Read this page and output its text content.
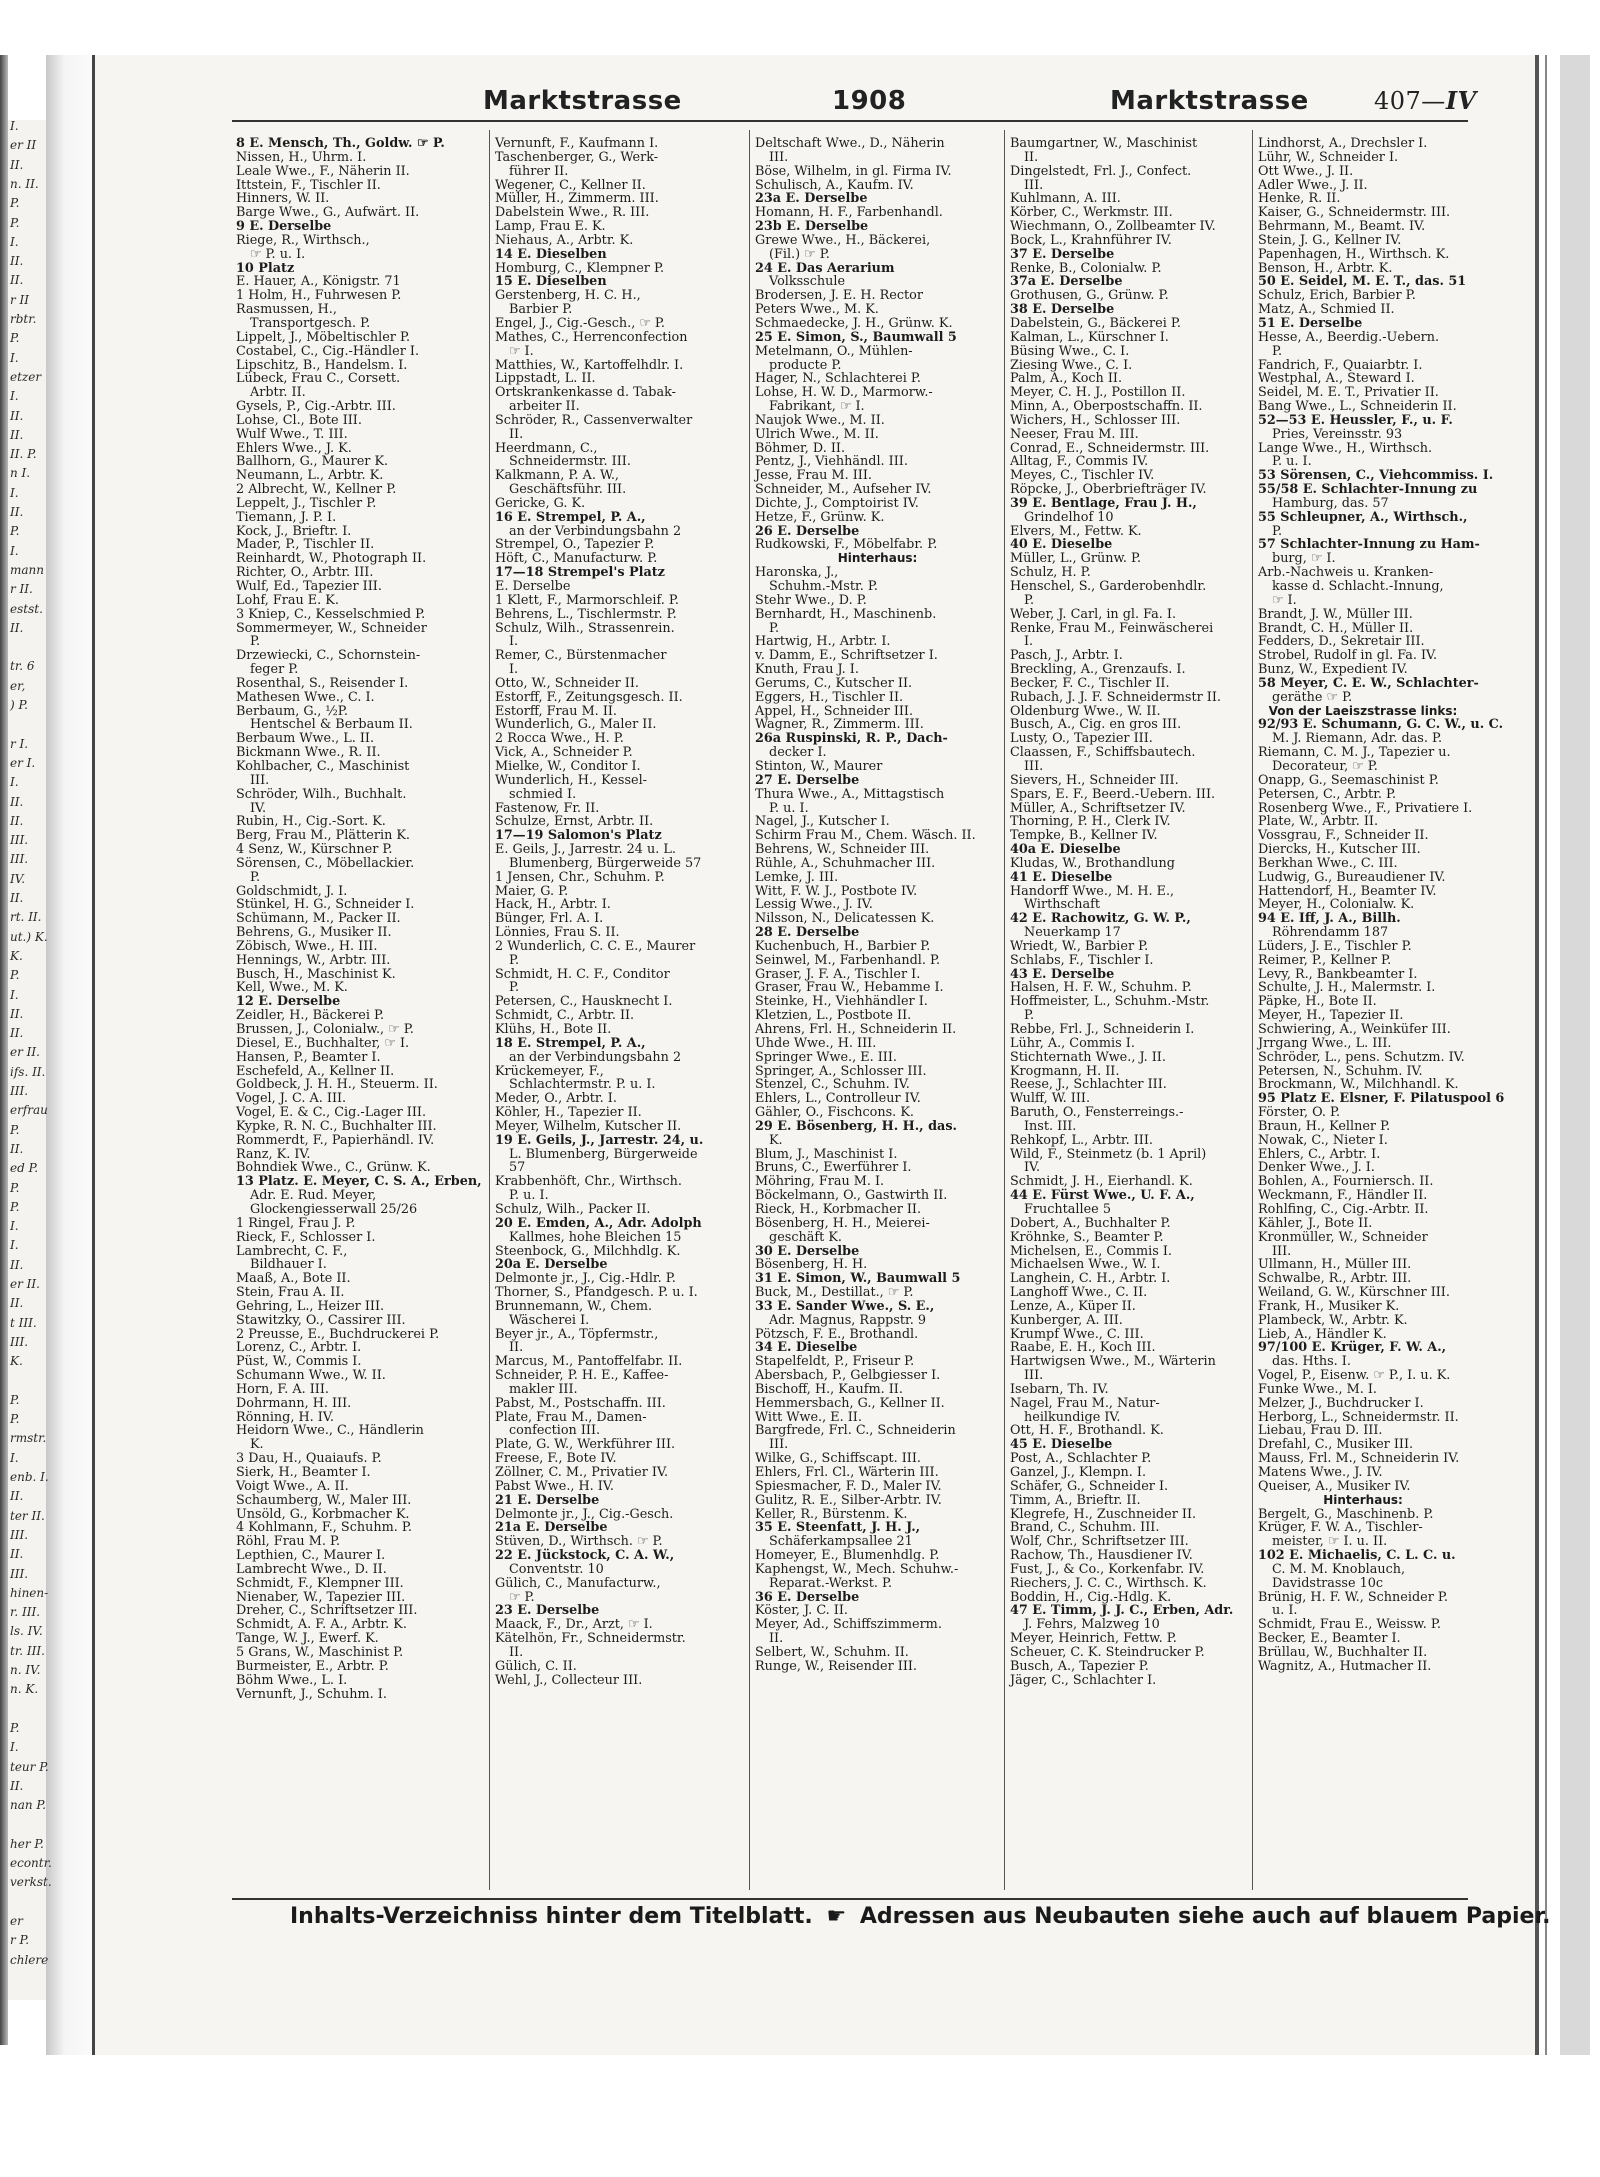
I.
er II
II.
n. II.
P.
P.
I.
II.
II.
r II
rbtr.
P.
I.
etzer
I.
II.
II.
II. P.
n I.
I.
II.
P.
I.
mann
r II.
estst.
II.
tr. 6
er,
) P.
r I.
er I.
I.
II.
II.
III.
III.
IV.
II.
rt. II.
ut.) K.
K.
P.
I.
II.
II.
er II.
ifs. II.
III.
erfrau
P.
II.
ed P.
P.
P.
I.
I.
II.
er II.
II.
t III.
III.
K.
P.
P.
rmstr.
I.
enb. I.
II.
ter II.
III.
II.
III.
hinen-
r. III.
ls. IV.
tr. III.
n. IV.
n. K.
P.
I.
teur P.
II.
nan P.
her P.
econtr.
verkst.
er
r P.
chlere
Marktstrasse	1908	Marktstrasse	407—IV
8 E. Mensch, Th., Goldw. ☞ P.
Nissen, H., Uhrm. I.
Leale Wwe., F., Näherin II.
Ittstein, F., Tischler II.
Hinners, W. II.
Barge Wwe., G., Aufwärt. II.
9 E. Derselbe
Riege, R., Wirthsch.,
☞ P. u. I.
10 Platz
E. Hauer, A., Königstr. 71
1 Holm, H., Fuhrwesen P.
Rasmussen, H.,
Transportgesch. P.
Lippelt, J., Möbeltischler P.
Costabel, C., Cig.-Händler I.
Lipschitz, B., Handelsm. I.
Lübeck, Frau C., Corsett.
Arbtr. II.
Gysels, P., Cig.-Arbtr. III.
Lohse, Cl., Bote III.
Wulf Wwe., T. III.
Ehlers Wwe., J. K.
Ballhorn, G., Maurer K.
Neumann, L., Arbtr. K.
2 Albrecht, W., Kellner P.
Leppelt, J., Tischler P.
Tiemann, J. P. I.
Kock, J., Brieftr. I.
Mader, P., Tischler II.
Reinhardt, W., Photograph II.
Richter, O., Arbtr. III.
Wulf, Ed., Tapezier III.
Lohf, Frau E. K.
3 Kniep, C., Kesselschmied P.
Sommermeyer, W., Schneider
P.
Drzewiecki, C., Schornstein-
feger P.
Rosenthal, S., Reisender I.
Mathesen Wwe., C. I.
Berbaum, G., ½P.
Hentschel & Berbaum II.
Berbaum Wwe., L. II.
Bickmann Wwe., R. II.
Kohlbacher, C., Maschinist
III.
Schröder, Wilh., Buchhalt.
IV.
Rubin, H., Cig.-Sort. K.
Berg, Frau M., Plätterin K.
4 Senz, W., Kürschner P.
Sörensen, C., Möbellackier.
P.
Goldschmidt, J. I.
Stünkel, H. G., Schneider I.
Schümann, M., Packer II.
Behrens, G., Musiker II.
Zöbisch, Wwe., H. III.
Hennings, W., Arbtr. III.
Busch, H., Maschinist K.
Kell, Wwe., M. K.
12 E. Derselbe
Zeidler, H., Bäckerei P.
Brussen, J., Colonialw., ☞ P.
Diesel, E., Buchhalter, ☞ I.
Hansen, P., Beamter I.
Eschefeld, A., Kellner II.
Goldbeck, J. H. H., Steuerm. II.
Vogel, J. C. A. III.
Vogel, E. & C., Cig.-Lager III.
Kypke, R. N. C., Buchhalter III.
Rommerdt, F., Papierhändl. IV.
Ranz, K. IV.
Bohndiek Wwe., C., Grünw. K.
13 Platz. E. Meyer, C. S. A., Erben,
Adr. E. Rud. Meyer,
Glockengiesserwall 25/26
1 Ringel, Frau J. P.
Rieck, F., Schlosser I.
Lambrecht, C. F.,
Bildhauer I.
Maaß, A., Bote II.
Stein, Frau A. II.
Gehring, L., Heizer III.
Stawitzky, O., Cassirer III.
2 Preusse, E., Buchdruckerei P.
Lorenz, C., Arbtr. I.
Püst, W., Commis I.
Schumann Wwe., W. II.
Horn, F. A. III.
Dohrmann, H. III.
Rönning, H. IV.
Heidorn Wwe., C., Händlerin
K.
3 Dau, H., Quaiaufs. P.
Sierk, H., Beamter I.
Voigt Wwe., A. II.
Schaumberg, W., Maler III.
Unsöld, G., Korbmacher K.
4 Kohlmann, F., Schuhm. P.
Röhl, Frau M. P.
Lepthien, C., Maurer I.
Lambrecht Wwe., D. II.
Schmidt, F., Klempner III.
Nienaber, W., Tapezier III.
Dreher, C., Schriftsetzer III.
Schmidt, A. F. A., Arbtr. K.
Tange, W. J., Ewerf. K.
5 Grans, W., Maschinist P.
Burmeister, E., Arbtr. P.
Böhm Wwe., L. I.
Vernunft, J., Schuhm. I.
Vernunft, F., Kaufmann I.
Taschenberger, G., Werk-
führer II.
Wegener, C., Kellner II.
Müller, H., Zimmerm. III.
Dabelstein Wwe., R. III.
Lamp, Frau E. K.
Niehaus, A., Arbtr. K.
14 E. Dieselben
Homburg, C., Klempner P.
15 E. Dieselben
Gerstenberg, H. C. H.,
Barbier P.
Engel, J., Cig.-Gesch., ☞ P.
Mathes, C., Herrenconfection
☞ I.
Matthies, W., Kartoffelhdlr. I.
Lippstadt, L. II.
Ortskrankenkasse d. Tabak-
arbeiter II.
Schröder, R., Cassenverwalter
II.
Heerdmann, C.,
Schneidermstr. III.
Kalkmann, P. A. W.,
Geschäftsführ. III.
Gericke, G. K.
16 E. Strempel, P. A.,
an der Verbindungsbahn 2
Strempel, O., Tapezier P.
Höft, C., Manufacturw. P.
17—18 Strempel's Platz
E. Derselbe
1 Klett, F., Marmorschleif. P.
Behrens, L., Tischlermstr. P.
Schulz, Wilh., Strassenrein.
I.
Remer, C., Bürstenmacher
I.
Otto, W., Schneider II.
Estorff, F., Zeitungsgesch. II.
Estorff, Frau M. II.
Wunderlich, G., Maler II.
2 Rocca Wwe., H. P.
Vick, A., Schneider P.
Mielke, W., Conditor I.
Wunderlich, H., Kessel-
schmied I.
Fastenow, Fr. II.
Schulze, Ernst, Arbtr. II.
17—19 Salomon's Platz
E. Geils, J., Jarrestr. 24 u. L.
Blumenberg, Bürgerweide 57
1 Jensen, Chr., Schuhm. P.
Maier, G. P.
Hack, H., Arbtr. I.
Bünger, Frl. A. I.
Lönnies, Frau S. II.
2 Wunderlich, C. C. E., Maurer
P.
Schmidt, H. C. F., Conditor
P.
Petersen, C., Hausknecht I.
Schmidt, C., Arbtr. II.
Klühs, H., Bote II.
18 E. Strempel, P. A.,
an der Verbindungsbahn 2
Krückemeyer, F.,
Schlachtermstr. P. u. I.
Meder, O., Arbtr. I.
Köhler, H., Tapezier II.
Meyer, Wilhelm, Kutscher II.
19 E. Geils, J., Jarrestr. 24, u.
L. Blumenberg, Bürgerweide
57
Krabbenhöft, Chr., Wirthsch.
P. u. I.
Schulz, Wilh., Packer II.
20 E. Emden, A., Adr. Adolph
Kallmes, hohe Bleichen 15
Steenbock, G., Milchhdlg. K.
20a E. Derselbe
Delmonte jr., J., Cig.-Hdlr. P.
Thorner, S., Pfandgesch. P. u. I.
Brunnemann, W., Chem.
Wäscherei I.
Beyer jr., A., Töpfermstr.,
II.
Marcus, M., Pantoffelfabr. II.
Schneider, P. H. E., Kaffee-
makler III.
Pabst, M., Postschaffn. III.
Plate, Frau M., Damen-
confection III.
Plate, G. W., Werkführer III.
Freese, F., Bote IV.
Zöllner, C. M., Privatier IV.
Pabst Wwe., H. IV.
21 E. Derselbe
Delmonte jr., J., Cig.-Gesch.
21a E. Derselbe
Stüven, D., Wirthsch. ☞ P.
22 E. Jückstock, C. A. W.,
Conventstr. 10
Gülich, C., Manufacturw.,
☞ P.
23 E. Derselbe
Maack, F., Dr., Arzt, ☞ I.
Kätelhön, Fr., Schneidermstr.
II.
Gülich, C. II.
Wehl, J., Collecteur III.
Deltschaft Wwe., D., Näherin
III.
Böse, Wilhelm, in gl. Firma IV.
Schulisch, A., Kaufm. IV.
23a E. Derselbe
Homann, H. F., Farbenhandl.
23b E. Derselbe
Grewe Wwe., H., Bäckerei,
(Fil.) ☞ P.
24 E. Das Aerarium
Volksschule
Brodersen, J. E. H. Rector
Peters Wwe., M. K.
Schmaedecke, J. H., Grünw. K.
25 E. Simon, S., Baumwall 5
Metelmann, O., Mühlen-
producte P.
Hager, N., Schlachterei P.
Lohse, H. W. D., Marmorw.-
Fabrikant, ☞ I.
Naujok Wwe., M. II.
Ulrich Wwe., M. II.
Böhmer, D. II.
Pentz, J., Viehhändl. III.
Jesse, Frau M. III.
Schneider, M., Aufseher IV.
Dichte, J., Comptoirist IV.
Hetze, F., Grünw. K.
26 E. Derselbe
Rudkowski, F., Möbelfabr. P.
Hinterhaus:
Haronska, J.,
Schuhm.-Mstr. P.
Stehr Wwe., D. P.
Bernhardt, H., Maschinenb.
P.
Hartwig, H., Arbtr. I.
v. Damm, E., Schriftsetzer I.
Knuth, Frau J. I.
Gerums, C., Kutscher II.
Eggers, H., Tischler II.
Appel, H., Schneider III.
Wagner, R., Zimmerm. III.
26a Ruspinski, R. P., Dach-
decker I.
Stinton, W., Maurer
27 E. Derselbe
Thura Wwe., A., Mittagstisch
P. u. I.
Nagel, J., Kutscher I.
Schirm Frau M., Chem. Wäsch. II.
Behrens, W., Schneider III.
Rühle, A., Schuhmacher III.
Lemke, J. III.
Witt, F. W. J., Postbote IV.
Lessig Wwe., J. IV.
Nilsson, N., Delicatessen K.
28 E. Derselbe
Kuchenbuch, H., Barbier P.
Seinwel, M., Farbenhandl. P.
Graser, J. F. A., Tischler I.
Graser, Frau W., Hebamme I.
Steinke, H., Viehhändler I.
Kletzien, L., Postbote II.
Ahrens, Frl. H., Schneiderin II.
Uhde Wwe., H. III.
Springer Wwe., E. III.
Springer, A., Schlosser III.
Stenzel, C., Schuhm. IV.
Ehlers, L., Controlleur IV.
Gähler, O., Fischcons. K.
29 E. Bösenberg, H. H., das.
K.
Blum, J., Maschinist I.
Bruns, C., Ewerführer I.
Möhring, Frau M. I.
Böckelmann, O., Gastwirth II.
Rieck, H., Korbmacher II.
Bösenberg, H. H., Meierei-
geschäft K.
30 E. Derselbe
Bösenberg, H. H.
31 E. Simon, W., Baumwall 5
Buck, M., Destillat., ☞ P.
33 E. Sander Wwe., S. E.,
Adr. Magnus, Rappstr. 9
Pötzsch, F. E., Brothandl.
34 E. Dieselbe
Stapelfeldt, P., Friseur P.
Abersbach, P., Gelbgiesser I.
Bischoff, H., Kaufm. II.
Hemmersbach, G., Kellner II.
Witt Wwe., E. II.
Bargfrede, Frl. C., Schneiderin
III.
Wilke, G., Schiffscapt. III.
Ehlers, Frl. Cl., Wärterin III.
Spiesmacher, F. D., Maler IV.
Gulitz, R. E., Silber-Arbtr. IV.
Keller, R., Bürstenm. K.
35 E. Steenfatt, J. H. J.,
Schäferkampsallee 21
Homeyer, E., Blumenhdlg. P.
Kaphengst, W., Mech. Schuhw.-
Reparat.-Werkst. P.
36 E. Derselbe
Köster, J. C. II.
Meyer, Ad., Schiffszimmerm.
II.
Selbert, W., Schuhm. II.
Runge, W., Reisender III.
Baumgartner, W., Maschinist
II.
Dingelstedt, Frl. J., Confect.
III.
Kuhlmann, A. III.
Körber, C., Werkmstr. III.
Wiechmann, O., Zollbeamter IV.
Bock, L., Krahnführer IV.
37 E. Derselbe
Renke, B., Colonialw. P.
37a E. Derselbe
Grothusen, G., Grünw. P.
38 E. Derselbe
Dabelstein, G., Bäckerei P.
Kalman, L., Kürschner I.
Büsing Wwe., C. I.
Ziesing Wwe., C. I.
Palm, A., Koch II.
Meyer, C. H. J., Postillon II.
Minn, A., Oberpostschaffn. II.
Wichers, H., Schlosser III.
Neeser, Frau M. III.
Conrad, E., Schneidermstr. III.
Alltag, F., Commis IV.
Meyes, C., Tischler IV.
Röpcke, J., Oberbriefträger IV.
39 E. Bentlage, Frau J. H.,
Grindelhof 10
Elvers, M., Fettw. K.
40 E. Dieselbe
Müller, L., Grünw. P.
Schulz, H. P.
Henschel, S., Garderobenhdlr.
P.
Weber, J. Carl, in gl. Fa. I.
Renke, Frau M., Feinwäscherei
I.
Pasch, J., Arbtr. I.
Breckling, A., Grenzaufs. I.
Becker, F. C., Tischler II.
Rubach, J. J. F. Schneidermstr II.
Oldenburg Wwe., W. II.
Busch, A., Cig. en gros III.
Lusty, O., Tapezier III.
Claassen, F., Schiffsbautech.
III.
Sievers, H., Schneider III.
Spars, E. F., Beerd.-Uebern. III.
Müller, A., Schriftsetzer IV.
Thorning, P. H., Clerk IV.
Tempke, B., Kellner IV.
40a E. Dieselbe
Kludas, W., Brothandlung
41 E. Dieselbe
Handorff Wwe., M. H. E.,
Wirthschaft
42 E. Rachowitz, G. W. P.,
Neuerkamp 17
Wriedt, W., Barbier P.
Schlabs, F., Tischler I.
43 E. Derselbe
Halsen, H. F. W., Schuhm. P.
Hoffmeister, L., Schuhm.-Mstr.
P.
Rebbe, Frl. J., Schneiderin I.
Lühr, A., Commis I.
Stichternath Wwe., J. II.
Krogmann, H. II.
Reese, J., Schlachter III.
Wulff, W. III.
Baruth, O., Fensterreings.-
Inst. III.
Rehkopf, L., Arbtr. III.
Wild, F., Steinmetz (b. 1 April)
IV.
Schmidt, J. H., Eierhandl. K.
44 E. Fürst Wwe., U. F. A.,
Fruchtallee 5
Dobert, A., Buchhalter P.
Kröhnke, S., Beamter P.
Michelsen, E., Commis I.
Michaelsen Wwe., W. I.
Langhein, C. H., Arbtr. I.
Langhoff Wwe., C. II.
Lenze, A., Küper II.
Kunberger, A. III.
Krumpf Wwe., C. III.
Raabe, E. H., Koch III.
Hartwigsen Wwe., M., Wärterin
III.
Isebarn, Th. IV.
Nagel, Frau M., Natur-
heilkundige IV.
Ott, H. F., Brothandl. K.
45 E. Dieselbe
Post, A., Schlachter P.
Ganzel, J., Klempn. I.
Schäfer, G., Schneider I.
Timm, A., Brieftr. II.
Klegrefe, H., Zuschneider II.
Brand, C., Schuhm. III.
Wolf, Chr., Schriftsetzer III.
Rachow, Th., Hausdiener IV.
Fust, J., & Co., Korkenfabr. IV.
Riechers, J. C. C., Wirthsch. K.
Boddin, H., Cig.-Hdlg. K.
47 E. Timm, J. J. C., Erben, Adr.
J. Fehrs, Malzweg 10
Meyer, Heinrich, Fettw. P.
Scheuer, C. K. Steindrucker P.
Busch, A., Tapezier P.
Jäger, C., Schlachter I.
Lindhorst, A., Drechsler I.
Lühr, W., Schneider I.
Ott Wwe., J. II.
Adler Wwe., J. II.
Henke, R. II.
Kaiser, G., Schneidermstr. III.
Behrmann, M., Beamt. IV.
Stein, J. G., Kellner IV.
Papenhagen, H., Wirthsch. K.
Benson, H., Arbtr. K.
50 E. Seidel, M. E. T., das. 51
Schulz, Erich, Barbier P.
Matz, A., Schmied II.
51 E. Derselbe
Hesse, A., Beerdig.-Uebern.
P.
Fandrich, F., Quaiarbtr. I.
Westphal, A., Steward I.
Seidel, M. E. T., Privatier II.
Bang Wwe., L., Schneiderin II.
52—53 E. Heussler, F., u. F.
Pries, Vereinsstr. 93
Lange Wwe., H., Wirthsch.
P. u. I.
53 Sörensen, C., Viehcommiss. I.
55/58 E. Schlachter-Innung zu
Hamburg, das. 57
55 Schleupner, A., Wirthsch.,
P.
57 Schlachter-Innung zu Ham-
burg, ☞ I.
Arb.-Nachweis u. Kranken-
kasse d. Schlacht.-Innung,
☞ I.
Brandt, J. W., Müller III.
Brandt, C. H., Müller II.
Fedders, D., Sekretair III.
Strobel, Rudolf in gl. Fa. IV.
Bunz, W., Expedient IV.
58 Meyer, C. E. W., Schlachter-
geräthe ☞ P.
Von der Laeiszstrasse links:
92/93 E. Schumann, G. C. W., u. C.
M. J. Riemann, Adr. das. P.
Riemann, C. M. J., Tapezier u.
Decorateur, ☞ P.
Onapp, G., Seemaschinist P.
Petersen, C., Arbtr. P.
Rosenberg Wwe., F., Privatiere I.
Plate, W., Arbtr. II.
Vossgrau, F., Schneider II.
Diercks, H., Kutscher III.
Berkhan Wwe., C. III.
Ludwig, G., Bureaudiener IV.
Hattendorf, H., Beamter IV.
Meyer, H., Colonialw. K.
94 E. Iff, J. A., Billh.
Röhrendamm 187
Lüders, J. E., Tischler P.
Reimer, P., Kellner P.
Levy, R., Bankbeamter I.
Schulte, J. H., Malermstr. I.
Päpke, H., Bote II.
Meyer, H., Tapezier II.
Schwiering, A., Weinküfer III.
Jrrgang Wwe., L. III.
Schröder, L., pens. Schutzm. IV.
Petersen, N., Schuhm. IV.
Brockmann, W., Milchhandl. K.
95 Platz E. Elsner, F. Pilatuspool 6
Förster, O. P.
Braun, H., Kellner P.
Nowak, C., Nieter I.
Ehlers, C., Arbtr. I.
Denker Wwe., J. I.
Bohlen, A., Fourniersch. II.
Weckmann, F., Händler II.
Rohlfing, C., Cig.-Arbtr. II.
Kähler, J., Bote II.
Kronmüller, W., Schneider
III.
Ullmann, H., Müller III.
Schwalbe, R., Arbtr. III.
Weiland, G. W., Kürschner III.
Frank, H., Musiker K.
Plambeck, W., Arbtr. K.
Lieb, A., Händler K.
97/100 E. Krüger, F. W. A.,
das. Hths. I.
Vogel, P., Eisenw. ☞ P., I. u. K.
Funke Wwe., M. I.
Melzer, J., Buchdrucker I.
Herborg, L., Schneidermstr. II.
Liebau, Frau D. III.
Drefahl, C., Musiker III.
Mauss, Frl. M., Schneiderin IV.
Matens Wwe., J. IV.
Queiser, A., Musiker IV.
Hinterhaus:
Bergelt, G., Maschinenb. P.
Krüger, F. W. A., Tischler-
meister, ☞ I. u. II.
102 E. Michaelis, C. L. C. u.
C. M. M. Knoblauch,
Davidstrasse 10c
Brünig, H. F. W., Schneider P.
u. I.
Schmidt, Frau E., Weissw. P.
Becker, E., Beamter I.
Brüllau, W., Buchhalter II.
Wagnitz, A., Hutmacher II.
Inhalts-Verzeichniss hinter dem Titelblatt. ☛ Adressen aus Neubauten siehe auch auf blauem Papier.
